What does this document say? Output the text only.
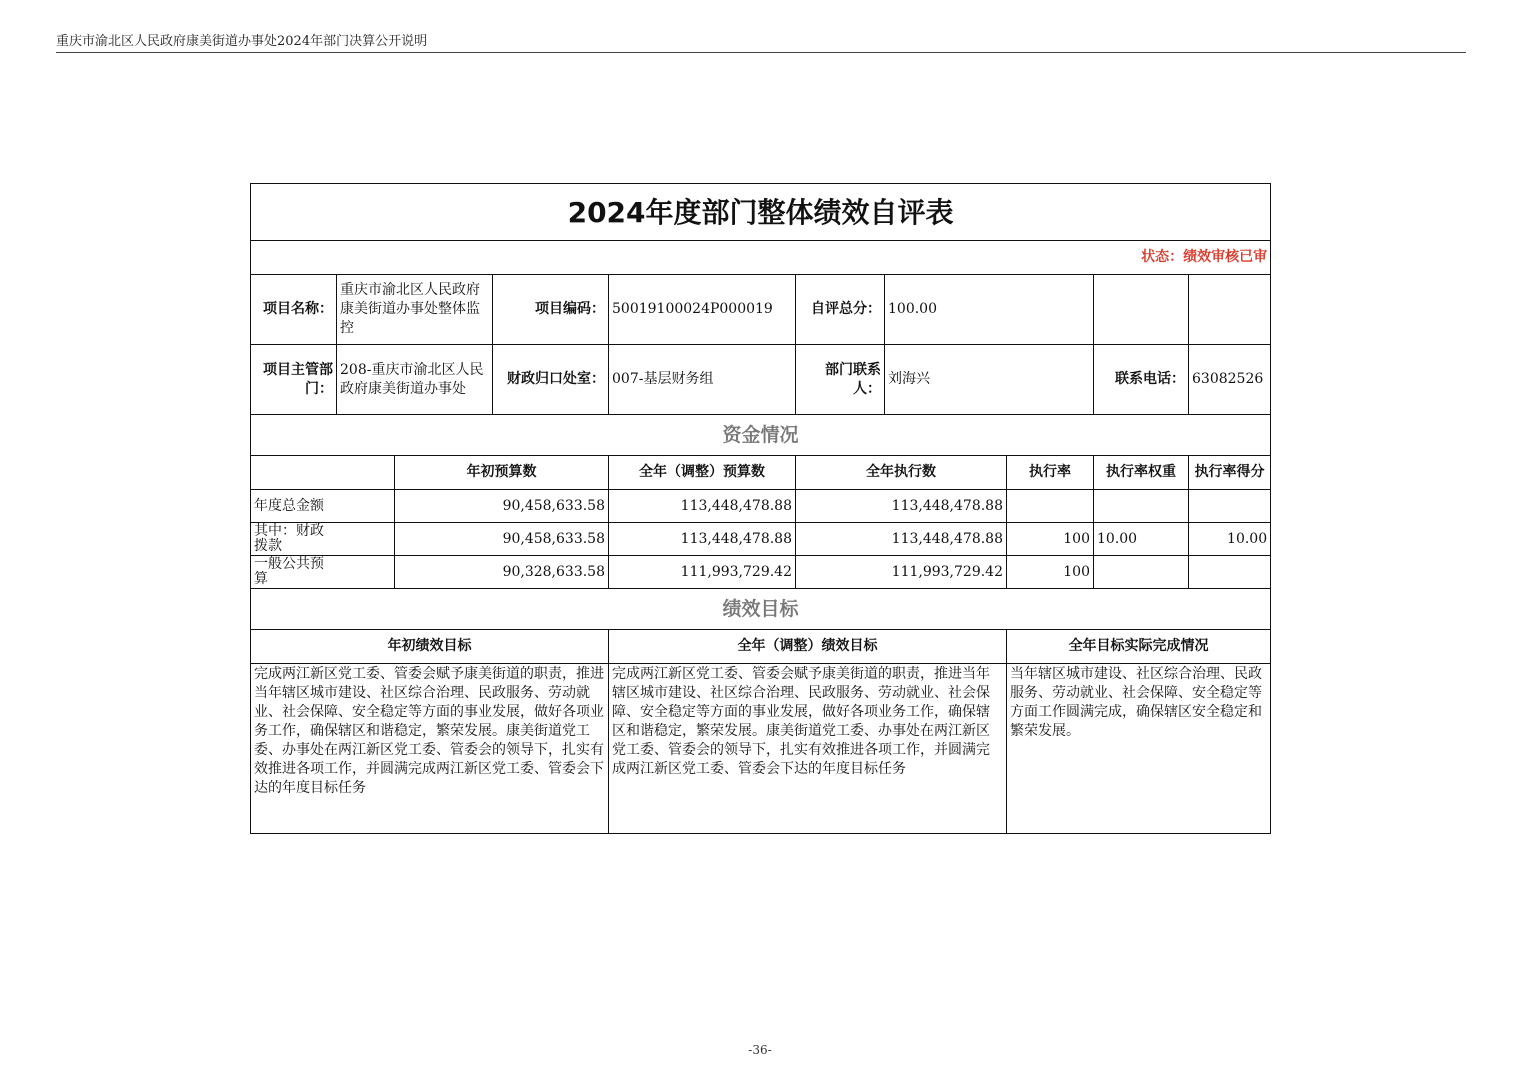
重庆市渝北区人民政府康美街道办事处2024年部门决算公开说明
2024年度部门整体绩效自评表									
状态：绩效审核已审									
项目名称：	重庆市渝北区人民政府康美街道办事处整体监控		项目编码：	50019100024P000019	自评总分：	100.00			
项目主管部门：	208-重庆市渝北区人民政府康美街道办事处		财政归口处室：	007-基层财务组	部门联系人：	刘海兴		联系电话：	63082526
资金情况									
		年初预算数		全年（调整）预算数	全年执行数		执行率	执行率权重	执行率得分
年度总金额		90,458,633.58		113,448,478.88	113,448,478.88				

其中：财政拨款		90,458,633.58		113,448,478.88	113,448,478.88		100	10.00	10.00

一般公共预算		90,328,633.58		111,993,729.42	111,993,729.42		100		
绩效目标									
年初绩效目标				全年（调整）绩效目标			全年目标实际完成情况		
完成两江新区党工委、管委会赋予康美街道的职责，推进当年辖区城市建设、社区综合治理、民政服务、劳动就业、社会保障、安全稳定等方面的事业发展，做好各项业务工作，确保辖区和谐稳定，繁荣发展。康美街道党工委、办事处在两江新区党工委、管委会的领导下，扎实有效推进各项工作，并圆满完成两江新区党工委、管委会下达的年度目标任务				完成两江新区党工委、管委会赋予康美街道的职责，推进当年辖区城市建设、社区综合治理、民政服务、劳动就业、社会保障、安全稳定等方面的事业发展，做好各项业务工作，确保辖区和谐稳定，繁荣发展。康美街道党工委、办事处在两江新区党工委、管委会的领导下，扎实有效推进各项工作，并圆满完成两江新区党工委、管委会下达的年度目标任务			当年辖区城市建设、社区综合治理、民政服务、劳动就业、社会保障、安全稳定等方面工作圆满完成，确保辖区安全稳定和繁荣发展。		
-36-
